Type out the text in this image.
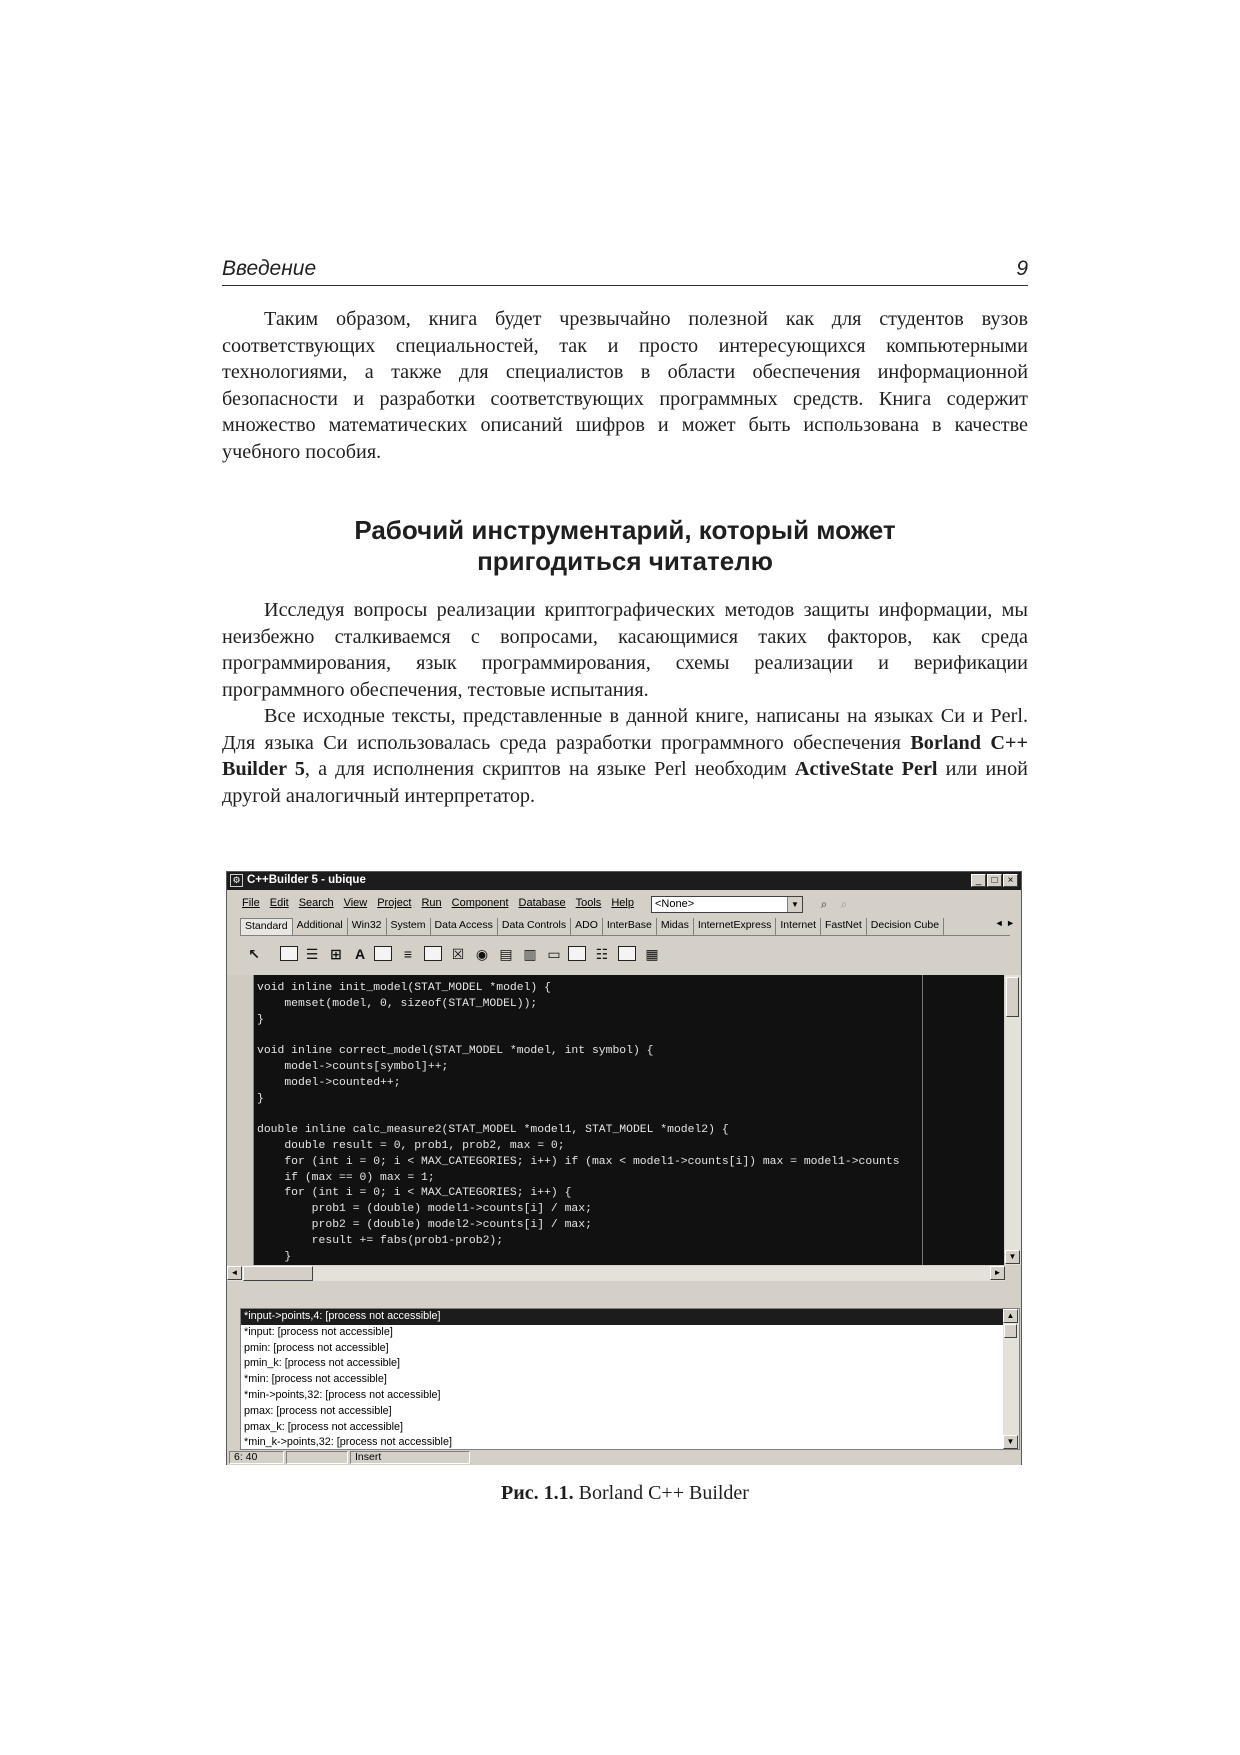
Введение	9

Таким образом, книга будет чрезвычайно полезной как для студентов вузов соответствующих специальностей, так и просто интересующихся компьютерными технологиями, а также для специалистов в области обеспечения информационной безопасности и разработки соответствующих программных средств. Книга содержит множество математических описаний шифров и может быть использована в качестве учебного пособия.

Рабочий инструментарий, который может
пригодиться читателю

Исследуя вопросы реализации криптографических методов защиты информации, мы неизбежно сталкиваемся с вопросами, касающимися таких факторов, как среда программирования, язык программирования, схемы реализации и верификации программного обеспечения, тестовые испытания.

Все исходные тексты, представленные в данной книге, написаны на языках Си и Perl. Для языка Си использовалась среда разработки программного обеспечения Borland C++ Builder 5, а для исполнения скриптов на языке Perl необходим ActiveState Perl или иной другой аналогичный интерпретатор.

⚙ C++Builder 5 - ubique	_	□	×
File Edit Search View Project Run Component Database Tools Help	<None>	▼	⌕	⌕
Standard Additional Win32 System Data Access Data Controls ADO InterBase Midas InternetExpress Internet FastNet Decision Cube	◄ ►
↖	☰ ⊞ A	≡	☒ ◉ ▤ ▥ ▭	☷	▦
void inline init_model(STAT_MODEL *model) {
memset(model, 0, sizeof(STAT_MODEL));
}

void inline correct_model(STAT_MODEL *model, int symbol) {
model->counts[symbol]++;
model->counted++;
}

double inline calc_measure2(STAT_MODEL *model1, STAT_MODEL *model2) {
double result = 0, prob1, prob2, max = 0;
for (int i = 0; i < MAX_CATEGORIES; i++) if (max < model1->counts[i]) max = model1->counts
if (max == 0) max = 1;
for (int i = 0; i < MAX_CATEGORIES; i++) {
prob1 = (double) model1->counts[i] / max;
prob2 = (double) model2->counts[i] / max;
result += fabs(prob1-prob2);
}
	▼
◄	►
*input->points,4: [process not accessible]
*input: [process not accessible]
pmin: [process not accessible]
pmin_k: [process not accessible]
*min: [process not accessible]
*min->points,32: [process not accessible]
pmax: [process not accessible]
pmax_k: [process not accessible]
*min_k->points,32: [process not accessible]
▲
▼
6: 40	Insert
Рис. 1.1. Borland C++ Builder
